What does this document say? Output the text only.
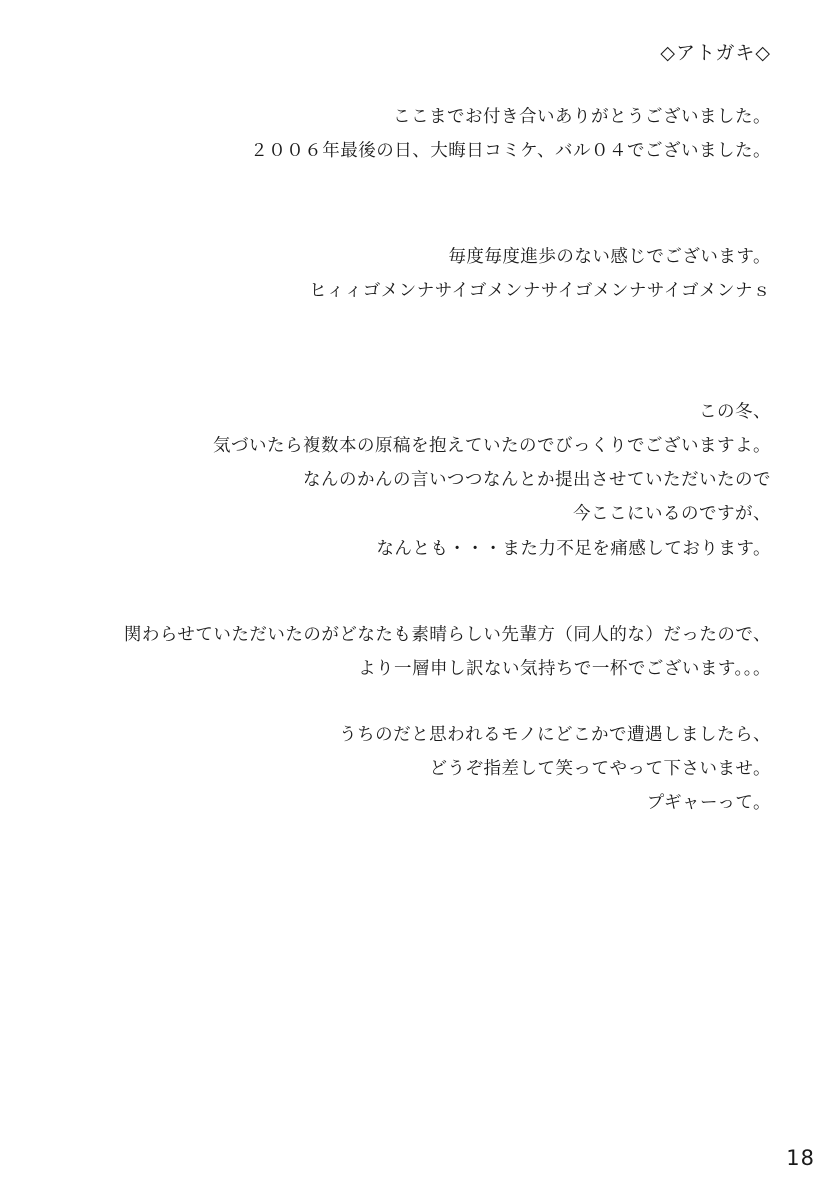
◇アトガキ◇
ここまでお付き合いありがとうございました。
２００６年最後の日、大晦日コミケ、バル０４でございました。
毎度毎度進歩のない感じでございます。
ヒィィゴメンナサイゴメンナサイゴメンナサイゴメンナｓ
この冬、
気づいたら複数本の原稿を抱えていたのでびっくりでございますよ。
なんのかんの言いつつなんとか提出させていただいたので
今ここにいるのですが、
なんとも・・・また力不足を痛感しております。
関わらせていただいたのがどなたも素晴らしい先輩方（同人的な）だったので、
より一層申し訳ない気持ちで一杯でございます。。。
うちのだと思われるモノにどこかで遭遇しましたら、
どうぞ指差して笑ってやって下さいませ。
プギャーって。
18
